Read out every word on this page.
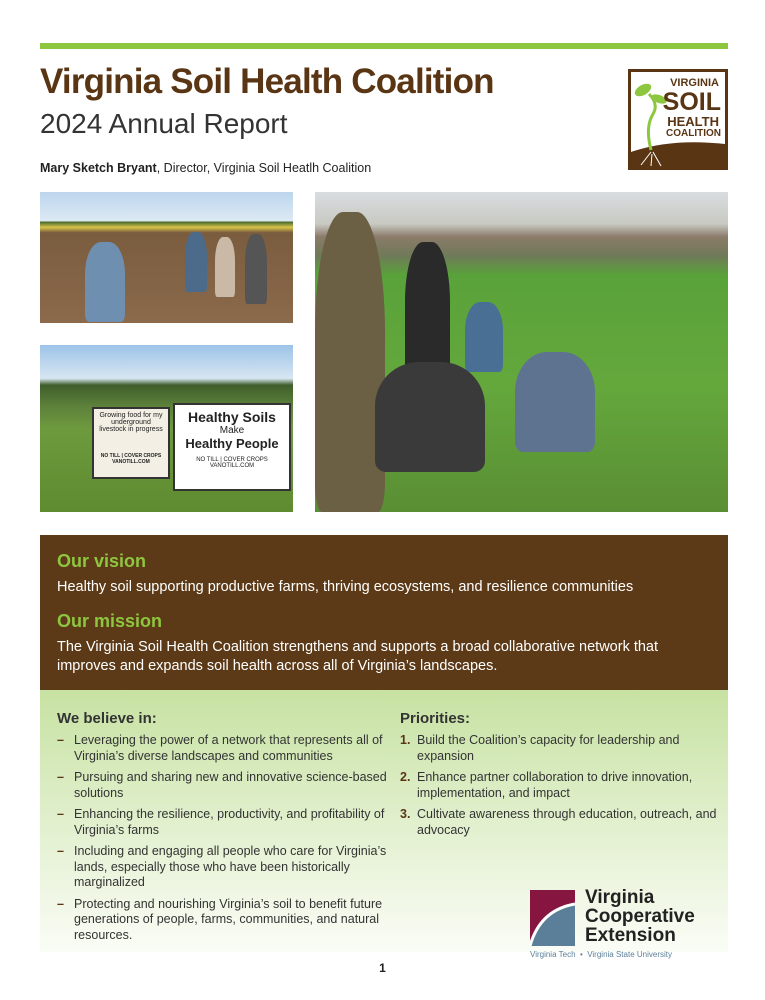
Virginia Soil Health Coalition
2024 Annual Report
Mary Sketch Bryant, Director, Virginia Soil Heatlh Coalition
VIRGINIA
SOIL
HEALTH
COALITION
Growing food for my underground livestock in progress
NO TILL | COVER CROPS VANOTILL.COM
Healthy Soils
Make
Healthy People
NO TILL | COVER CROPS VANOTILL.COM
Our vision

Healthy soil supporting productive farms, thriving ecosystems, and resilience communities

Our mission

The Virginia Soil Health Coalition strengthens and supports a broad collaborative network that improves and expands soil health across all of Virginia’s landscapes.

We believe in:
– Leveraging the power of a network that represents all of Virginia’s diverse landscapes and communities
– Pursuing and sharing new and innovative science-based solutions
– Enhancing the resilience, productivity, and profitability of Virginia’s farms
– Including and engaging all people who care for Virginia’s lands, especially those who have been historically marginalized
– Protecting and nourishing Virginia’s soil to benefit future generations of people, farms, communities, and natural resources.
Priorities:
1. Build the Coalition’s capacity for leadership and expansion
2. Enhance partner collaboration to drive innovation, implementation, and impact
3. Cultivate awareness through education, outreach, and advocacy
Virginia
Cooperative
Extension
Virginia Tech  •  Virginia State University
1
